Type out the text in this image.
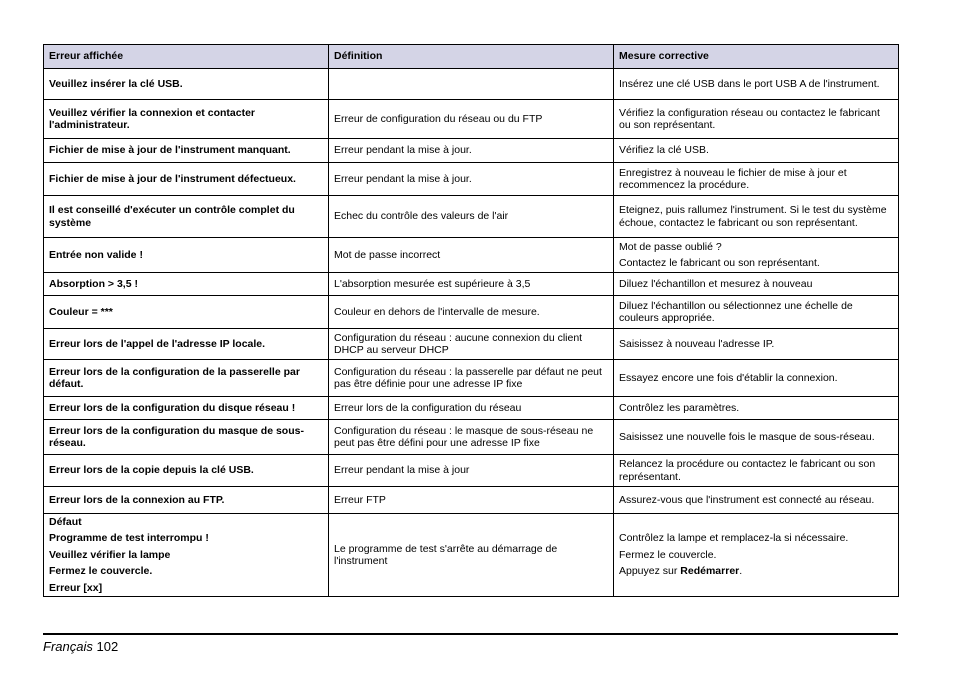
Erreur affichée	Définition	Mesure corrective

Veuillez insérer la clé USB.		Insérez une clé USB dans le port USB A de l'instrument.

Veuillez vérifier la connexion et contacter l'administrateur.	Erreur de configuration du réseau ou du FTP	Vérifiez la configuration réseau ou contactez le fabricant ou son représentant.

Fichier de mise à jour de l'instrument manquant.	Erreur pendant la mise à jour.	Vérifiez la clé USB.

Fichier de mise à jour de l'instrument défectueux.	Erreur pendant la mise à jour.	Enregistrez à nouveau le fichier de mise à jour et recommencez la procédure.

Il est conseillé d'exécuter un contrôle complet du système	Echec du contrôle des valeurs de l'air	Eteignez, puis rallumez l'instrument. Si le test du système échoue, contactez le fabricant ou son représentant.

Entrée non valide !	Mot de passe incorrect	Mot de passe oublié ?
Contactez le fabricant ou son représentant.

Absorption > 3,5 !	L'absorption mesurée est supérieure à 3,5	Diluez l'échantillon et mesurez à nouveau

Couleur = ***	Couleur en dehors de l'intervalle de mesure.	Diluez l'échantillon ou sélectionnez une échelle de couleurs appropriée.

Erreur lors de l'appel de l'adresse IP locale.	Configuration du réseau : aucune connexion du client DHCP au serveur DHCP	Saisissez à nouveau l'adresse IP.

Erreur lors de la configuration de la passerelle par défaut.	Configuration du réseau : la passerelle par défaut ne peut pas être définie pour une adresse IP fixe	Essayez encore une fois d'établir la connexion.

Erreur lors de la configuration du disque réseau !	Erreur lors de la configuration du réseau	Contrôlez les paramètres.

Erreur lors de la configuration du masque de sous-réseau.	Configuration du réseau : le masque de sous-réseau ne peut pas être défini pour une adresse IP fixe	Saisissez une nouvelle fois le masque de sous-réseau.

Erreur lors de la copie depuis la clé USB.	Erreur pendant la mise à jour	Relancez la procédure ou contactez le fabricant ou son représentant.

Erreur lors de la connexion au FTP.	Erreur FTP	Assurez-vous que l'instrument est connecté au réseau.

Défaut
Programme de test interrompu !
Veuillez vérifier la lampe
Fermez le couvercle.
Erreur [xx]	Le programme de test s'arrête au démarrage de l'instrument	Contrôlez la lampe et remplacez-la si nécessaire.
Fermez le couvercle.
Appuyez sur Redémarrer.
Français 102
